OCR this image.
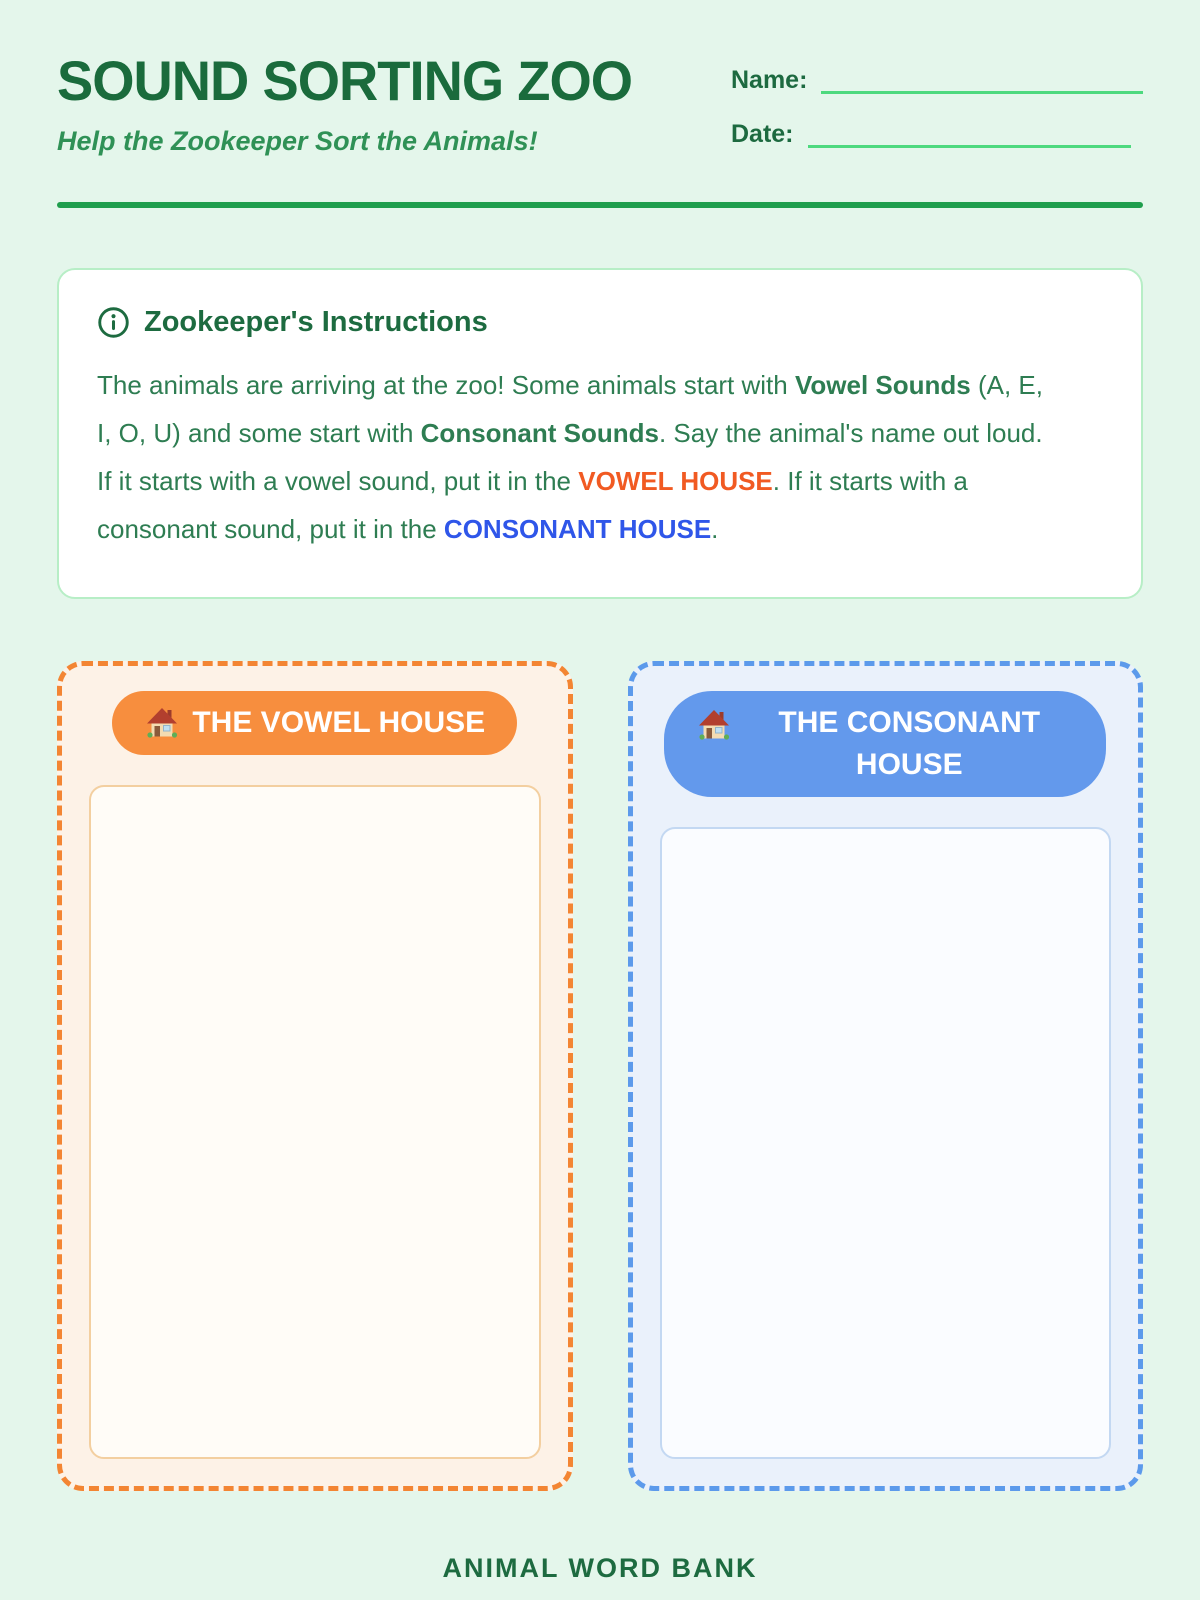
SOUND SORTING ZOO
Help the Zookeeper Sort the Animals!
Name:
Date:
Zookeeper's Instructions

The animals are arriving at the zoo! Some animals start with Vowel Sounds (A, E, I, O, U) and some start with Consonant Sounds. Say the animal's name out loud. If it starts with a vowel sound, put it in the VOWEL HOUSE. If it starts with a consonant sound, put it in the CONSONANT HOUSE.

THE VOWEL HOUSE	THE CONSONANT HOUSE
ANIMAL WORD BANK
